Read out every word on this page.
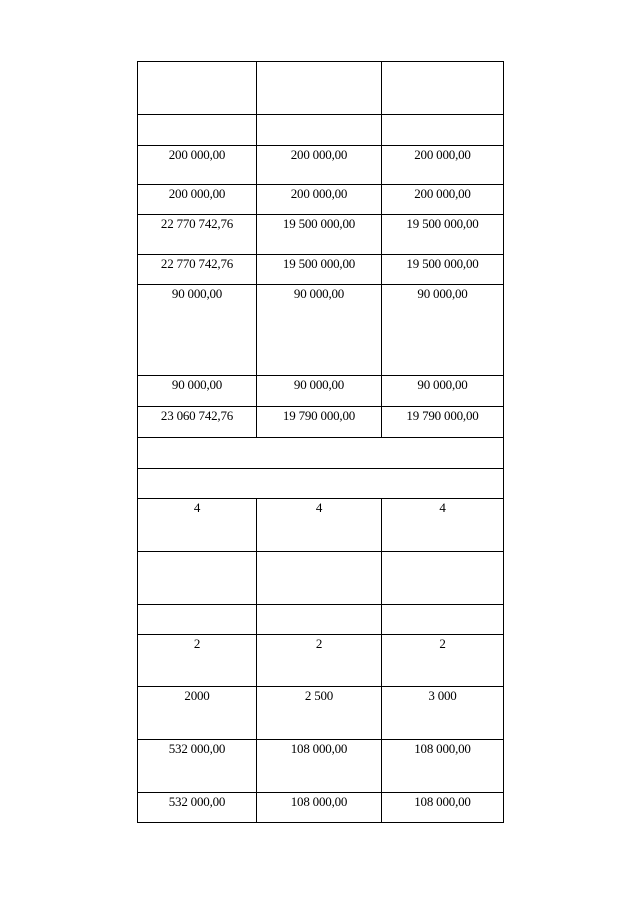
200 000,00	200 000,00	200 000,00

200 000,00	200 000,00	200 000,00

22 770 742,76	19 500 000,00	19 500 000,00

22 770 742,76	19 500 000,00	19 500 000,00

90 000,00	90 000,00	90 000,00

90 000,00	90 000,00	90 000,00

23 060 742,76	19 790 000,00	19 790 000,00

4	4	4

2	2	2

2000	2 500	3 000

532 000,00	108 000,00	108 000,00

532 000,00	108 000,00	108 000,00
